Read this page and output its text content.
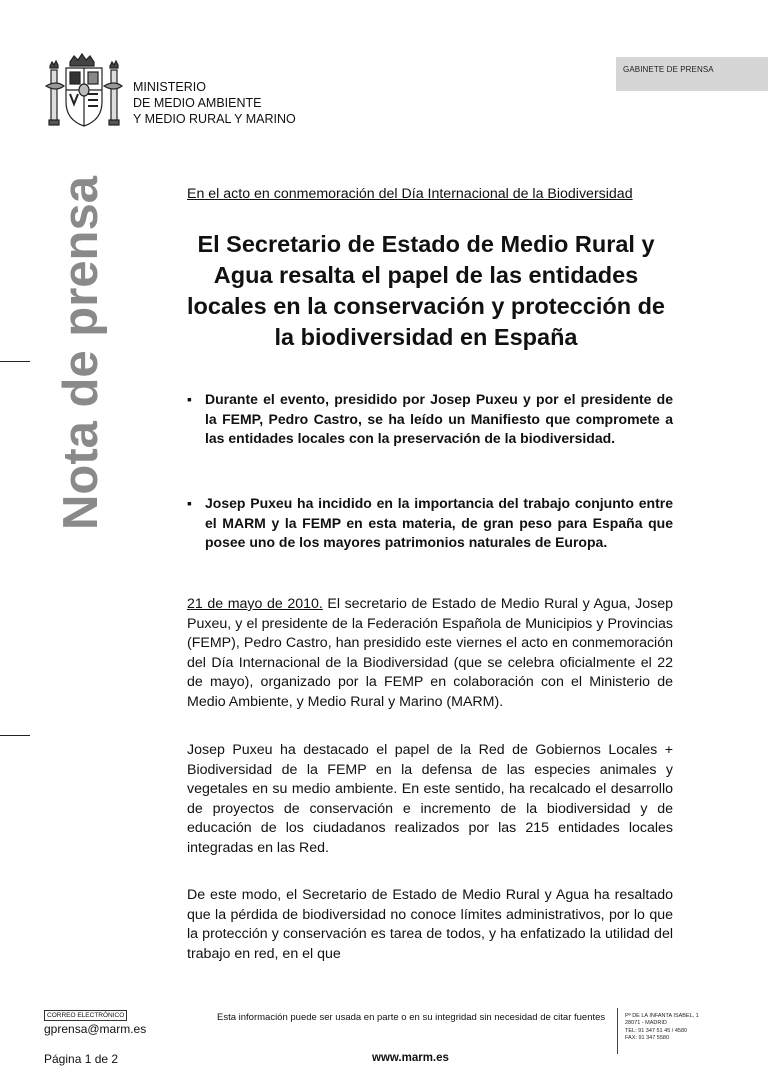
MINISTERIO
DE MEDIO AMBIENTE
Y MEDIO RURAL Y MARINO
GABINETE DE PRENSA
Nota de prensa	En el acto en conmemoración del Día Internacional de la Biodiversidad
El Secretario de Estado de Medio Rural y
Agua resalta el papel de las entidades
locales en la conservación y protección de
la biodiversidad en España
▪ Durante el evento, presidido por Josep Puxeu y por el presidente de la FEMP, Pedro Castro, se ha leído un Manifiesto que compromete a las entidades locales con la preservación de la biodiversidad.
▪ Josep Puxeu ha incidido en la importancia del trabajo conjunto entre el MARM y la FEMP en esta materia, de gran peso para España que posee uno de los mayores patrimonios naturales de Europa.
21 de mayo de 2010. El secretario de Estado de Medio Rural y Agua, Josep Puxeu, y el presidente de la Federación Española de Municipios y Provincias (FEMP), Pedro Castro, han presidido este viernes el acto en conmemoración del Día Internacional de la Biodiversidad (que se celebra oficialmente el 22 de mayo), organizado por la FEMP en colaboración con el Ministerio de Medio Ambiente, y Medio Rural y Marino (MARM).
Josep Puxeu ha destacado el papel de la Red de Gobiernos Locales + Biodiversidad de la FEMP en la defensa de las especies animales y vegetales en su medio ambiente. En este sentido, ha recalcado el desarrollo de proyectos de conservación e incremento de la biodiversidad y de educación de los ciudadanos realizados por las 215 entidades locales integradas en las Red.
De este modo, el Secretario de Estado de Medio Rural y Agua ha resaltado que la pérdida de biodiversidad no conoce límites administrativos, por lo que la protección y conservación es tarea de todos, y ha enfatizado la utilidad del trabajo en red, en el que
CORREO ELECTRÓNICO
gprensa@marm.es
Esta información puede ser usada en parte o en su integridad sin necesidad de citar fuentes	Pº DE LA INFANTA ISABEL, 1
28071 - MADRID
TEL: 91 347 51 45 / 4580
FAX: 91 347 5580
Página 1 de 2	www.marm.es
